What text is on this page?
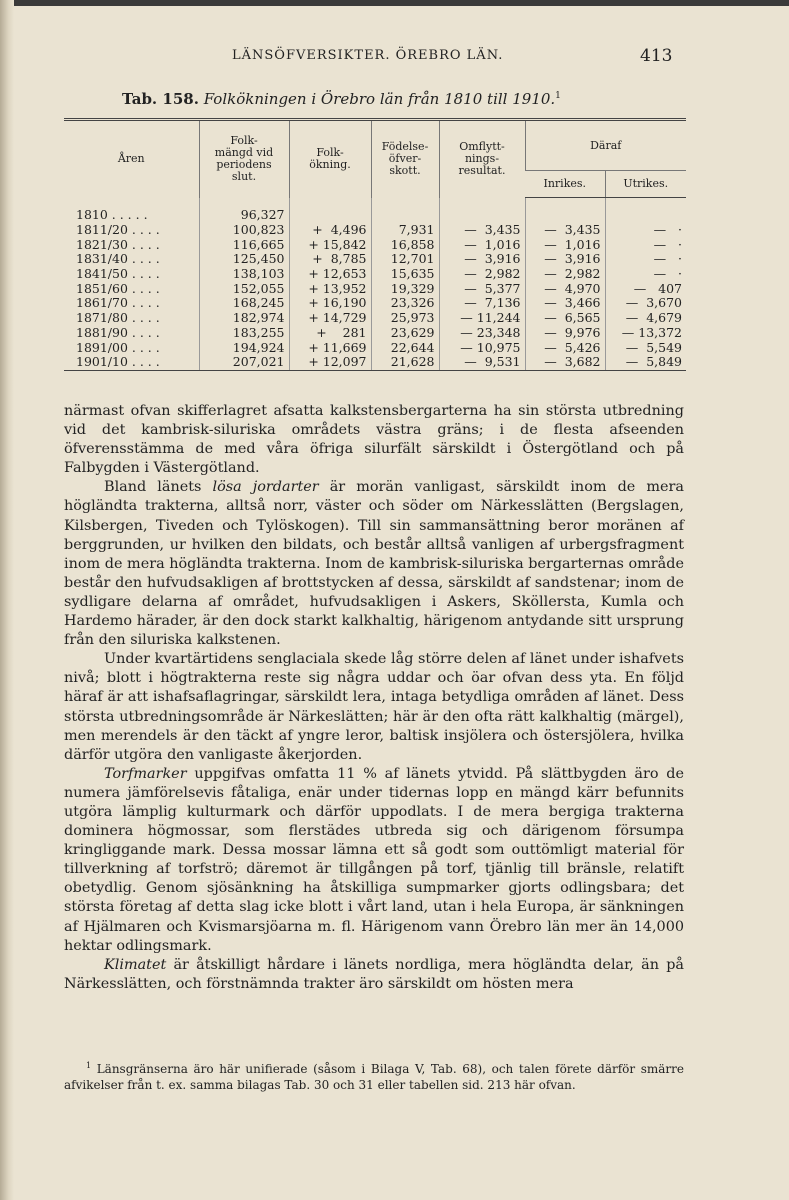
LÄNSÖFVERSIKTER. ÖREBRO LÄN.	413
Tab. 158. Folkökningen i Örebro län från 1810 till 1910.$^1$
Åren	Folk-
mängd vid
periodens
slut.	Folk-
ökning.	Födelse-
öfver-
skott.	Omflytt-
nings-
resultat.	Däraf	
					Inrikes.	Utrikes.

1810 . . . . .	96,327					
1811/20 . . . .	100,823	+  4,496	7,931	—  3,435	—  3,435	—   ·
1821/30 . . . .	116,665	+ 15,842	16,858	—  1,016	—  1,016	—   ·
1831/40 . . . .	125,450	+  8,785	12,701	—  3,916	—  3,916	—   ·
1841/50 . . . .	138,103	+ 12,653	15,635	—  2,982	—  2,982	—   ·
1851/60 . . . .	152,055	+ 13,952	19,329	—  5,377	—  4,970	—   407
1861/70 . . . .	168,245	+ 16,190	23,326	—  7,136	—  3,466	—  3,670
1871/80 . . . .	182,974	+ 14,729	25,973	— 11,244	—  6,565	—  4,679
1881/90 . . . .	183,255	+    281	23,629	— 23,348	—  9,976	— 13,372
1891/00 . . . .	194,924	+ 11,669	22,644	— 10,975	—  5,426	—  5,549
1901/10 . . . .	207,021	+ 12,097	21,628	—  9,531	—  3,682	—  5,849

närmast ofvan skifferlagret afsatta kalkstensbergarterna ha sin största utbredning vid det kambrisk-siluriska områdets västra gräns; i de flesta afseenden öfverensstämma de med våra öfriga silurfält särskildt i Östergötland och på Falbygden i Västergötland.

Bland länets lösa jordarter är morän vanligast, särskildt inom de mera högländta trakterna, alltså norr, väster och söder om Närkesslätten (Bergslagen, Kilsbergen, Tiveden och Tylöskogen). Till sin sammansättning beror moränen af berggrunden, ur hvilken den bildats, och består alltså vanligen af urbergsfragment inom de mera högländta trakterna. Inom de kambrisk-siluriska bergarternas område består den hufvudsakligen af brottstycken af dessa, särskildt af sandstenar; inom de sydligare delarna af området, hufvudsakligen i Askers, Sköllersta, Kumla och Hardemo härader, är den dock starkt kalkhaltig, härigenom antydande sitt ursprung från den siluriska kalkstenen.

Under kvartärtidens senglaciala skede låg större delen af länet under ishafvets nivå; blott i högtrakterna reste sig några uddar och öar ofvan dess yta. En följd häraf är att ishafsaflagringar, särskildt lera, intaga betydliga områden af länet. Dess största utbredningsområde är Närkeslätten; här är den ofta rätt kalkhaltig (märgel), men merendels är den täckt af yngre leror, baltisk insjölera och östersjölera, hvilka därför utgöra den vanligaste åkerjorden.

Torfmarker uppgifvas omfatta 11 % af länets ytvidd. På slättbygden äro de numera jämförelsevis fåtaliga, enär under tidernas lopp en mängd kärr befunnits utgöra lämplig kulturmark och därför uppodlats. I de mera bergiga trakterna dominera högmossar, som flerstädes utbreda sig och därigenom försumpa kringliggande mark. Dessa mossar lämna ett så godt som outtömligt material för tillverkning af torfströ; däremot är tillgången på torf, tjänlig till bränsle, relatift obetydlig. Genom sjösänkning ha åtskilliga sumpmarker gjorts odlingsbara; det största företag af detta slag icke blott i vårt land, utan i hela Europa, är sänkningen af Hjälmaren och Kvismarsjöarna m. fl. Härigenom vann Örebro län mer än 14,000 hektar odlingsmark.

Klimatet är åtskilligt hårdare i länets nordliga, mera högländta delar, än på Närkesslätten, och förstnämnda trakter äro särskildt om hösten mera

$^1$ Länsgränserna äro här unifierade (såsom i Bilaga V, Tab. 68), och talen förete därför smärre afvikelser från t. ex. samma bilagas Tab. 30 och 31 eller tabellen sid. 213 här ofvan.
